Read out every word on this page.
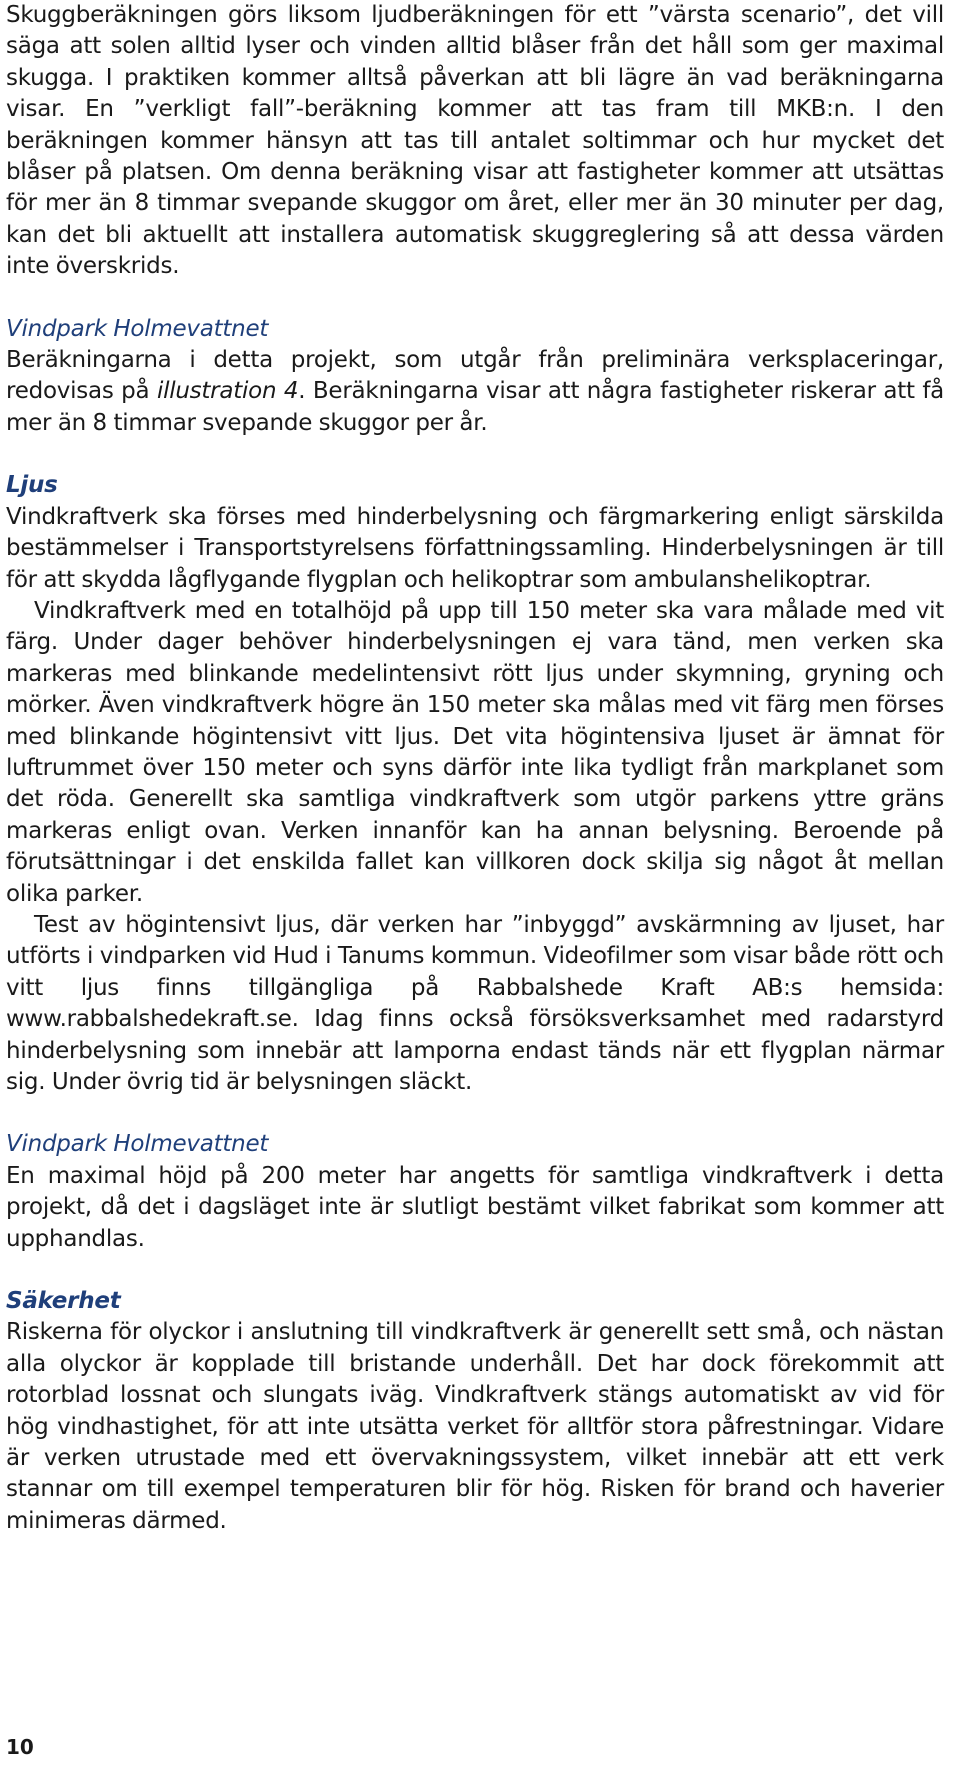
Skuggberäkningen görs liksom ljudberäkningen för ett ”värsta scenario”, det vill säga att solen alltid lyser och vinden alltid blåser från det håll som ger maximal skugga. I praktiken kommer alltså påverkan att bli lägre än vad beräkningarna visar. En ”verkligt fall”-beräkning kommer att tas fram till MKB:n. I den beräkningen kommer hänsyn att tas till antalet soltimmar och hur mycket det blåser på platsen. Om denna beräkning visar att fastigheter kommer att utsättas för mer än 8 timmar svepande skuggor om året, eller mer än 30 minuter per dag, kan det bli aktuellt att installera automatisk skuggreglering så att dessa värden inte överskrids.

Vindpark Holmevattnet

Beräkningarna i detta projekt, som utgår från preliminära verksplaceringar, redovisas på illustration 4. Beräkningarna visar att några fastigheter riskerar att få mer än 8 timmar svepande skuggor per år.

Ljus

Vindkraftverk ska förses med hinderbelysning och färgmarkering enligt särskilda bestämmelser i Transportstyrelsens författningssamling. Hinderbelysningen är till för att skydda lågflygande flygplan och helikoptrar som ambulanshelikoptrar.

Vindkraftverk med en totalhöjd på upp till 150 meter ska vara målade med vit färg. Under dager behöver hinderbelysningen ej vara tänd, men verken ska markeras med blinkande medelintensivt rött ljus under skymning, gryning och mörker. Även vindkraftverk högre än 150 meter ska målas med vit färg men förses med blinkande högintensivt vitt ljus. Det vita högintensiva ljuset är ämnat för luftrummet över 150 meter och syns därför inte lika tydligt från markplanet som det röda. Generellt ska samtliga vindkraftverk som utgör parkens yttre gräns markeras enligt ovan. Verken innanför kan ha annan belysning. Beroende på förutsättningar i det enskilda fallet kan villkoren dock skilja sig något åt mellan olika parker.

Test av högintensivt ljus, där verken har ”inbyggd” avskärmning av ljuset, har utförts i vindparken vid Hud i Tanums kommun. Videofilmer som visar både rött och vitt ljus finns tillgängliga på Rabbalshede Kraft AB:s hemsida: www.rabbalshedekraft.se. Idag finns också försöksverksamhet med radarstyrd hinderbelysning som innebär att lamporna endast tänds när ett flygplan närmar sig. Under övrig tid är belysningen släckt.

Vindpark Holmevattnet

En maximal höjd på 200 meter har angetts för samtliga vindkraftverk i detta projekt, då det i dagsläget inte är slutligt bestämt vilket fabrikat som kommer att upphandlas.

Säkerhet

Riskerna för olyckor i anslutning till vindkraftverk är generellt sett små, och nästan alla olyckor är kopplade till bristande underhåll. Det har dock förekommit att rotorblad lossnat och slungats iväg. Vindkraftverk stängs automatiskt av vid för hög vindhastighet, för att inte utsätta verket för alltför stora påfrestningar. Vidare är verken utrustade med ett övervakningssystem, vilket innebär att ett verk stannar om till exempel temperaturen blir för hög. Risken för brand och haverier minimeras därmed.

10
